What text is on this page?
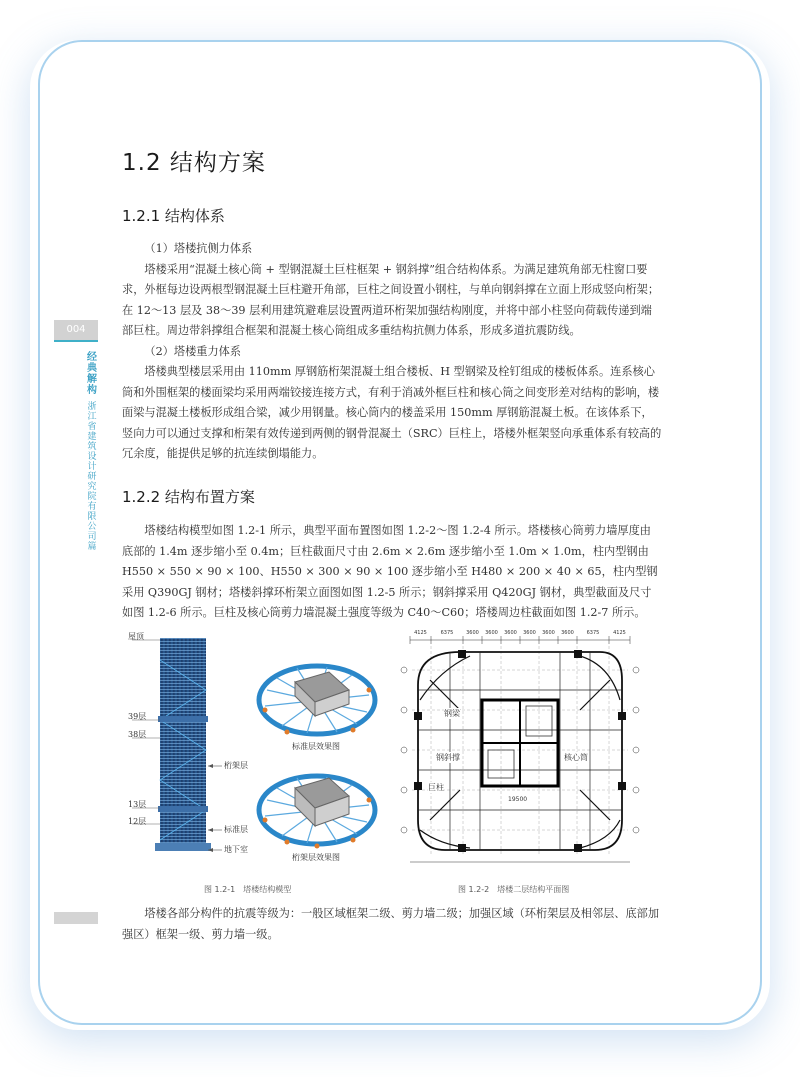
004
经典解构
浙江省建筑设计研究院有限公司篇
1.2 结构方案
1.2.1 结构体系

（1）塔楼抗侧力体系

塔楼采用“混凝土核心筒 + 型钢混凝土巨柱框架 + 钢斜撑”组合结构体系。为满足建筑角部无柱窗口要求，外框每边设两根型钢混凝土巨柱避开角部，巨柱之间设置小钢柱，与单向钢斜撑在立面上形成竖向桁架；在 12～13 层及 38～39 层利用建筑避难层设置两道环桁架加强结构刚度，并将中部小柱竖向荷载传递到端部巨柱。周边带斜撑组合框架和混凝土核心筒组成多重结构抗侧力体系，形成多道抗震防线。

（2）塔楼重力体系

塔楼典型楼层采用由 110mm 厚钢筋桁架混凝土组合楼板、H 型钢梁及栓钉组成的楼板体系。连系核心筒和外围框架的楼面梁均采用两端铰接连接方式，有利于消减外框巨柱和核心筒之间变形差对结构的影响，楼面梁与混凝土楼板形成组合梁，减少用钢量。核心筒内的楼盖采用 150mm 厚钢筋混凝土板。在该体系下，竖向力可以通过支撑和桁架有效传递到两侧的钢骨混凝土（SRC）巨柱上，塔楼外框架竖向承重体系有较高的冗余度，能提供足够的抗连续倒塌能力。

1.2.2 结构布置方案

塔楼结构模型如图 1.2-1 所示，典型平面布置图如图 1.2-2～图 1.2-4 所示。塔楼核心筒剪力墙厚度由底部的 1.4m 逐步缩小至 0.4m；巨柱截面尺寸由 2.6m × 2.6m 逐步缩小至 1.0m × 1.0m，柱内型钢由 H550 × 550 × 90 × 100、H550 × 300 × 90 × 100 逐步缩小至 H480 × 200 × 40 × 65，柱内型钢采用 Q390GJ 钢材；塔楼斜撑环桁架立面图如图 1.2-5 所示；钢斜撑采用 Q420GJ 钢材，典型截面及尺寸如图 1.2-6 所示。巨柱及核心筒剪力墙混凝土强度等级为 C40～C60；塔楼周边柱截面如图 1.2-7 所示。

屋顶
39层
38层
13层
12层
桁架层
标准层
地下室
标准层效果图
桁架层效果图
图 1.2-1　塔楼结构模型
钢梁
钢斜撑	核心筒
巨柱
19500
4125	6375	3600	3600	3600	3600	3600	3600	6375	4125
图 1.2-2　塔楼二层结构平面图

塔楼各部分构件的抗震等级为：一般区域框架二级、剪力墙二级；加强区域（环桁架层及相邻层、底部加强区）框架一级、剪力墙一级。
